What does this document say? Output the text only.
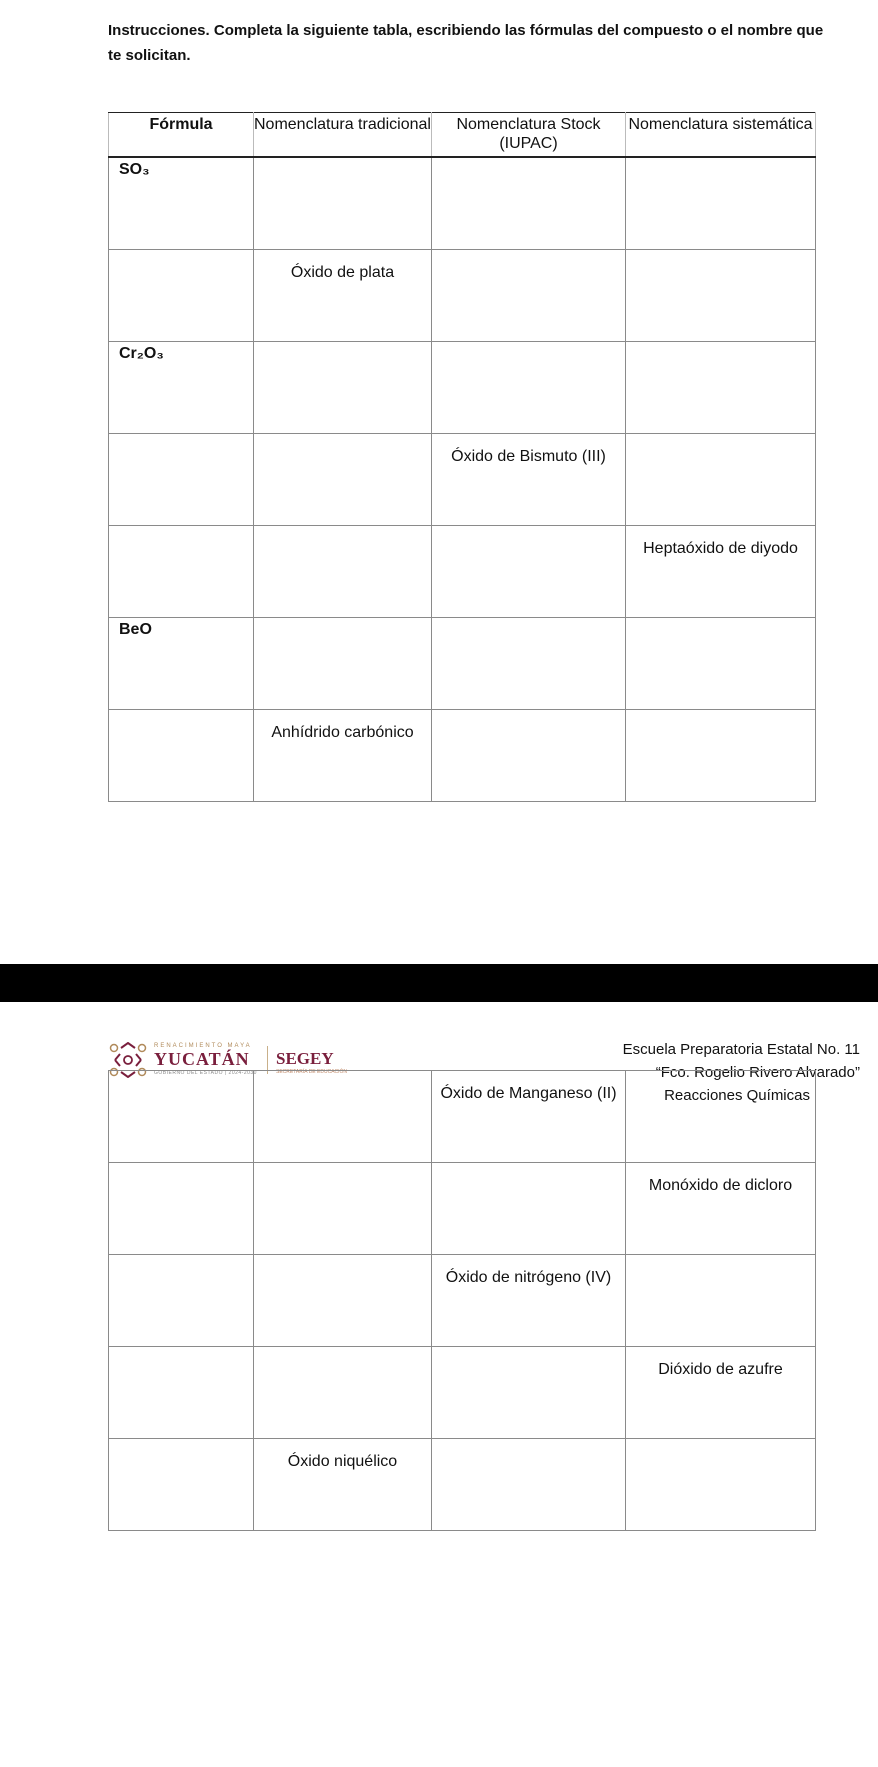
Instrucciones. Completa la siguiente tabla, escribiendo las fórmulas del compuesto o el nombre que te solicitan.
Fórmula	Nomenclatura tradicional	Nomenclatura Stock (IUPAC)	Nomenclatura sistemática

SO₃			

	Óxido de plata		

Cr₂O₃			

		Óxido de Bismuto (III)	

			Heptaóxido de diyodo

BeO			

	Anhídrido carbónico		

RENACIMIENTO MAYA
YUCATÁN
GOBIERNO DEL ESTADO | 2024-2030
SEGEY
SECRETARÍA DE EDUCACIÓN
Escuela Preparatoria Estatal No. 11
“Fco. Rogelio Rivero Alvarado”
Reacciones Químicas

		Óxido de Manganeso (II)	

			Monóxido de dicloro

		Óxido de nitrógeno (IV)	

			Dióxido de azufre

	Óxido niquélico		
